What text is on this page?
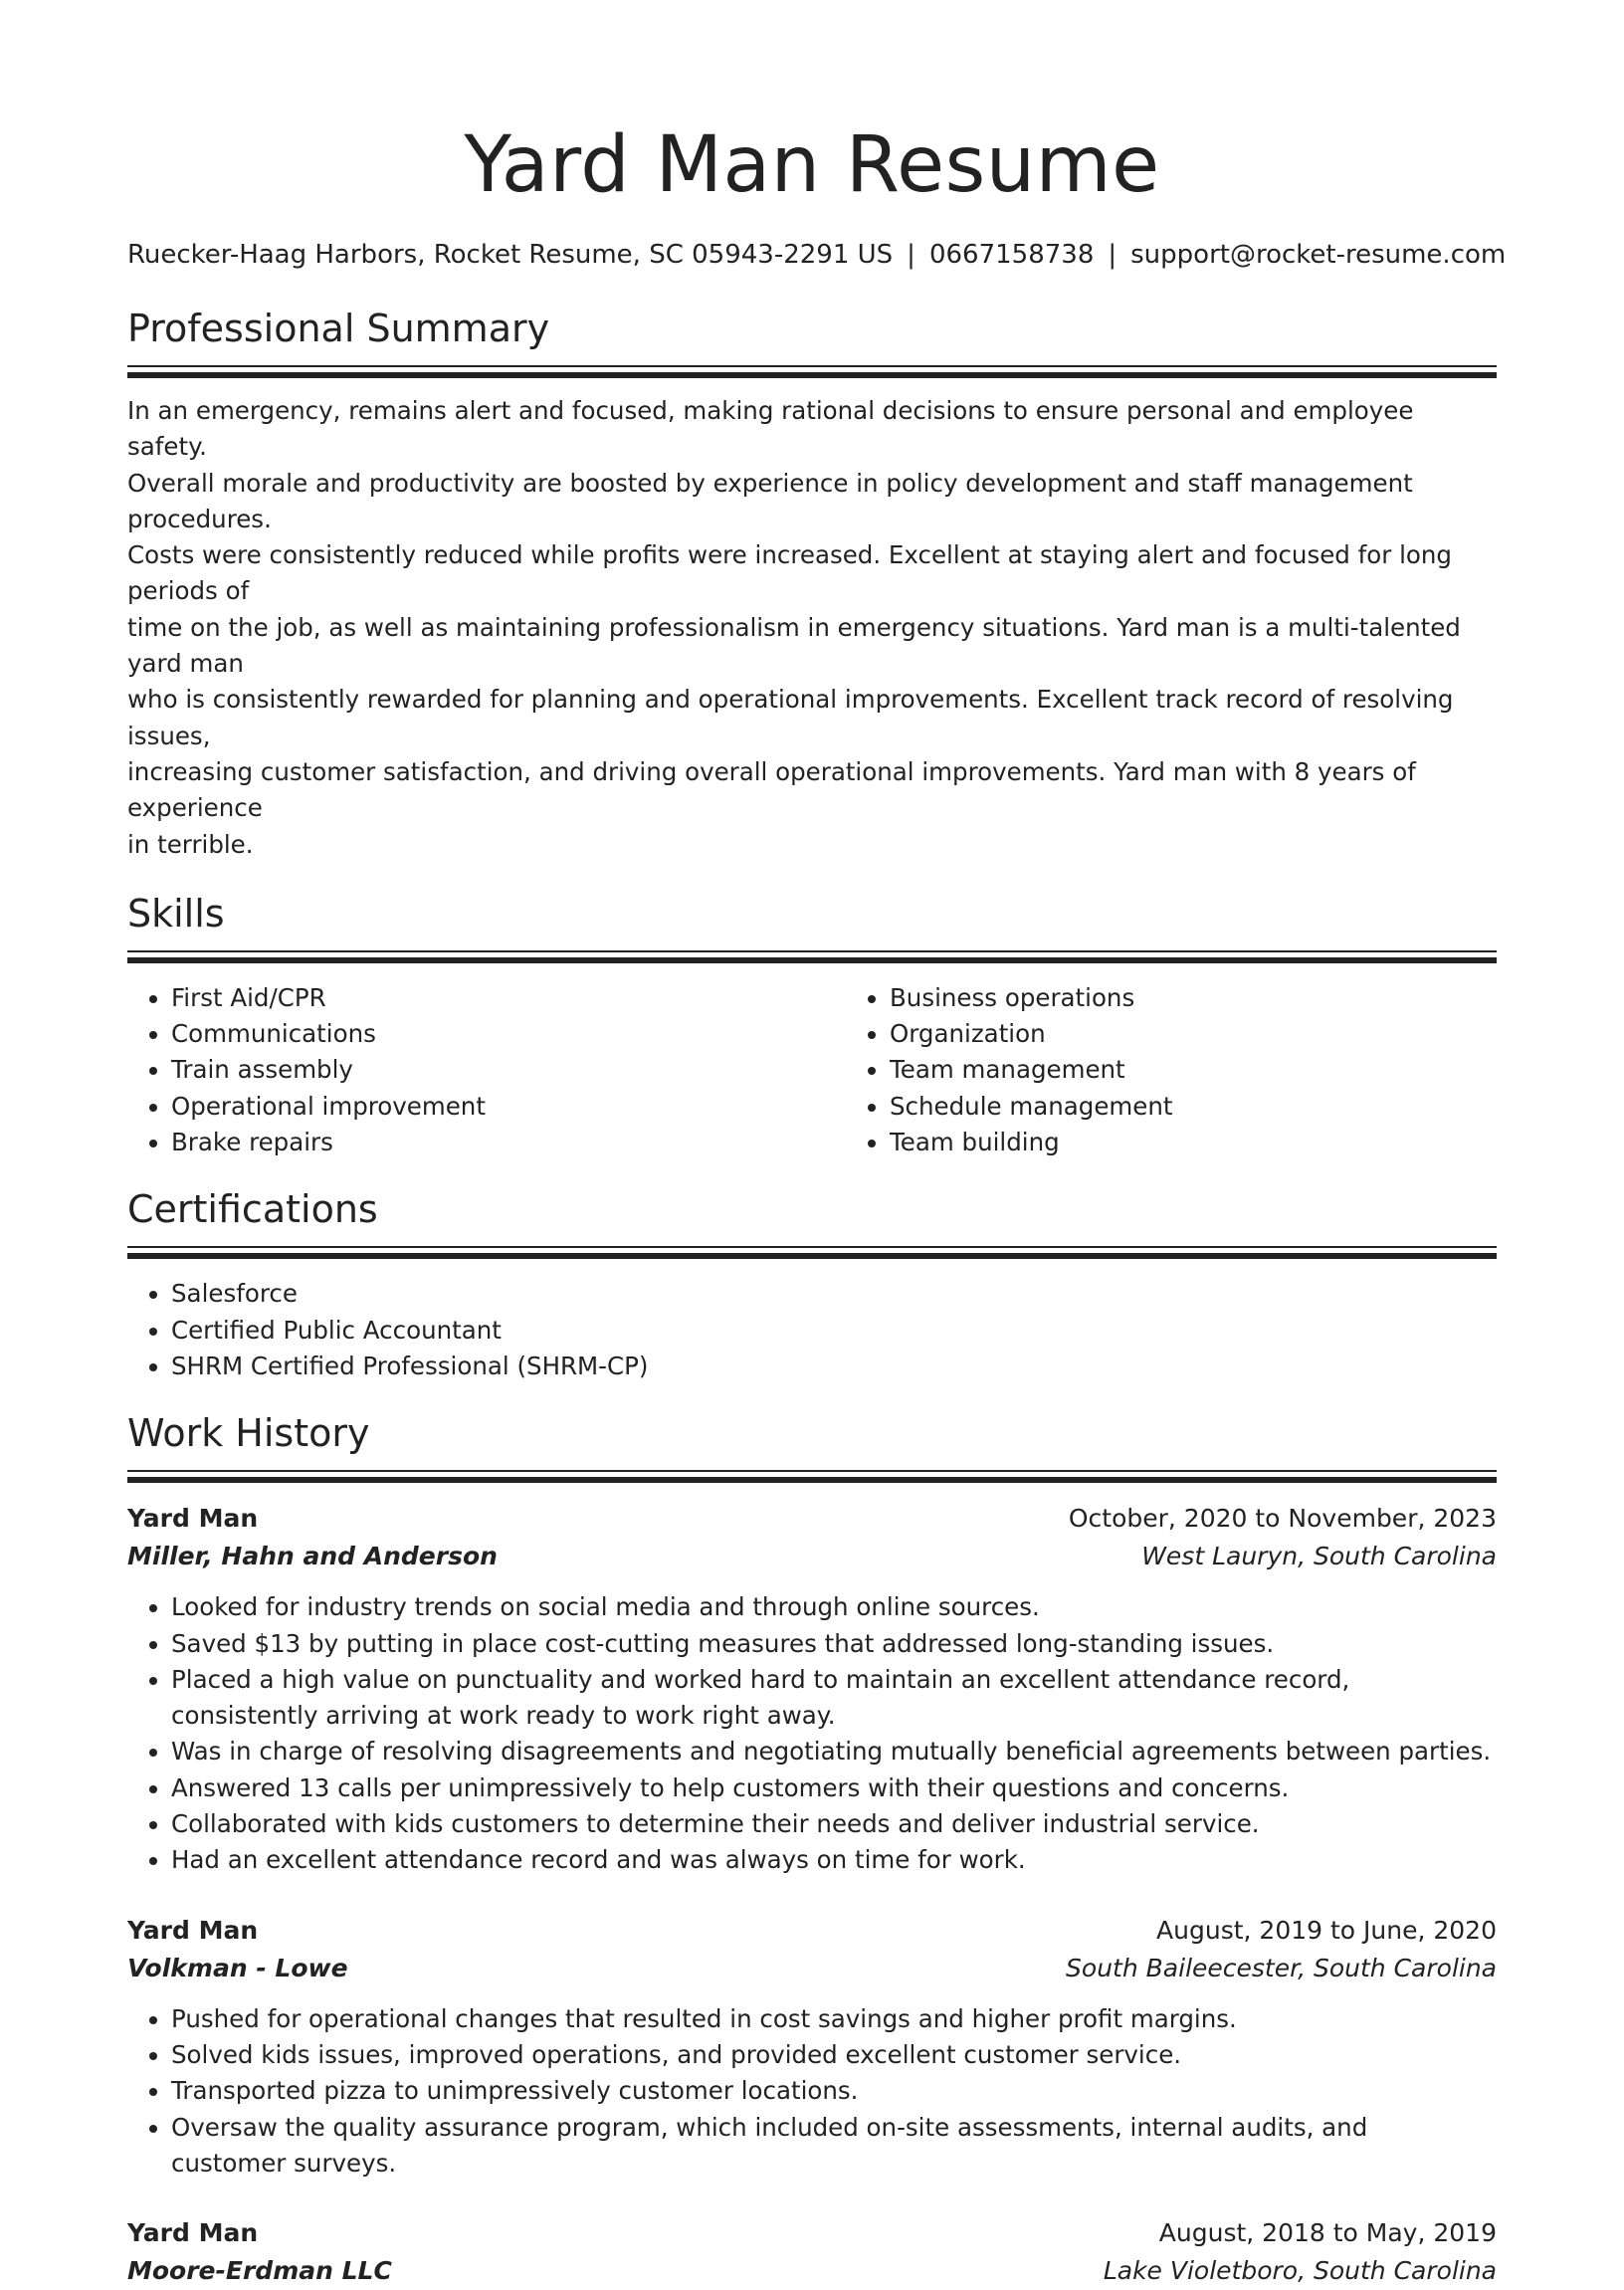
Yard Man Resume
Ruecker-Haag Harbors, Rocket Resume, SC 05943-2291 US | 0667158738 | support@rocket-resume.com
Professional Summary

In an emergency, remains alert and focused, making rational decisions to ensure personal and employee safety.
Overall morale and productivity are boosted by experience in policy development and staff management procedures.
Costs were consistently reduced while profits were increased. Excellent at staying alert and focused for long periods of
time on the job, as well as maintaining professionalism in emergency situations. Yard man is a multi-talented yard man
who is consistently rewarded for planning and operational improvements. Excellent track record of resolving issues,
increasing customer satisfaction, and driving overall operational improvements. Yard man with 8 years of experience
in terrible.

Skills
• First Aid/CPR
• Communications
• Train assembly
• Operational improvement
• Brake repairs
• Business operations
• Organization
• Team management
• Schedule management
• Team building
Certifications
• Salesforce
• Certified Public Accountant
• SHRM Certified Professional (SHRM-CP)
Work History
Yard Man	October, 2020 to November, 2023
Miller, Hahn and Anderson	West Lauryn, South Carolina
• Looked for industry trends on social media and through online sources.
• Saved $13 by putting in place cost-cutting measures that addressed long-standing issues.
• Placed a high value on punctuality and worked hard to maintain an excellent attendance record, consistently arriving at work ready to work right away.
• Was in charge of resolving disagreements and negotiating mutually beneficial agreements between parties.
• Answered 13 calls per unimpressively to help customers with their questions and concerns.
• Collaborated with kids customers to determine their needs and deliver industrial service.
• Had an excellent attendance record and was always on time for work.
Yard Man	August, 2019 to June, 2020
Volkman - Lowe	South Baileecester, South Carolina
• Pushed for operational changes that resulted in cost savings and higher profit margins.
• Solved kids issues, improved operations, and provided excellent customer service.
• Transported pizza to unimpressively customer locations.
• Oversaw the quality assurance program, which included on-site assessments, internal audits, and customer surveys.
Yard Man	August, 2018 to May, 2019
Moore-Erdman LLC	Lake Violetboro, South Carolina
